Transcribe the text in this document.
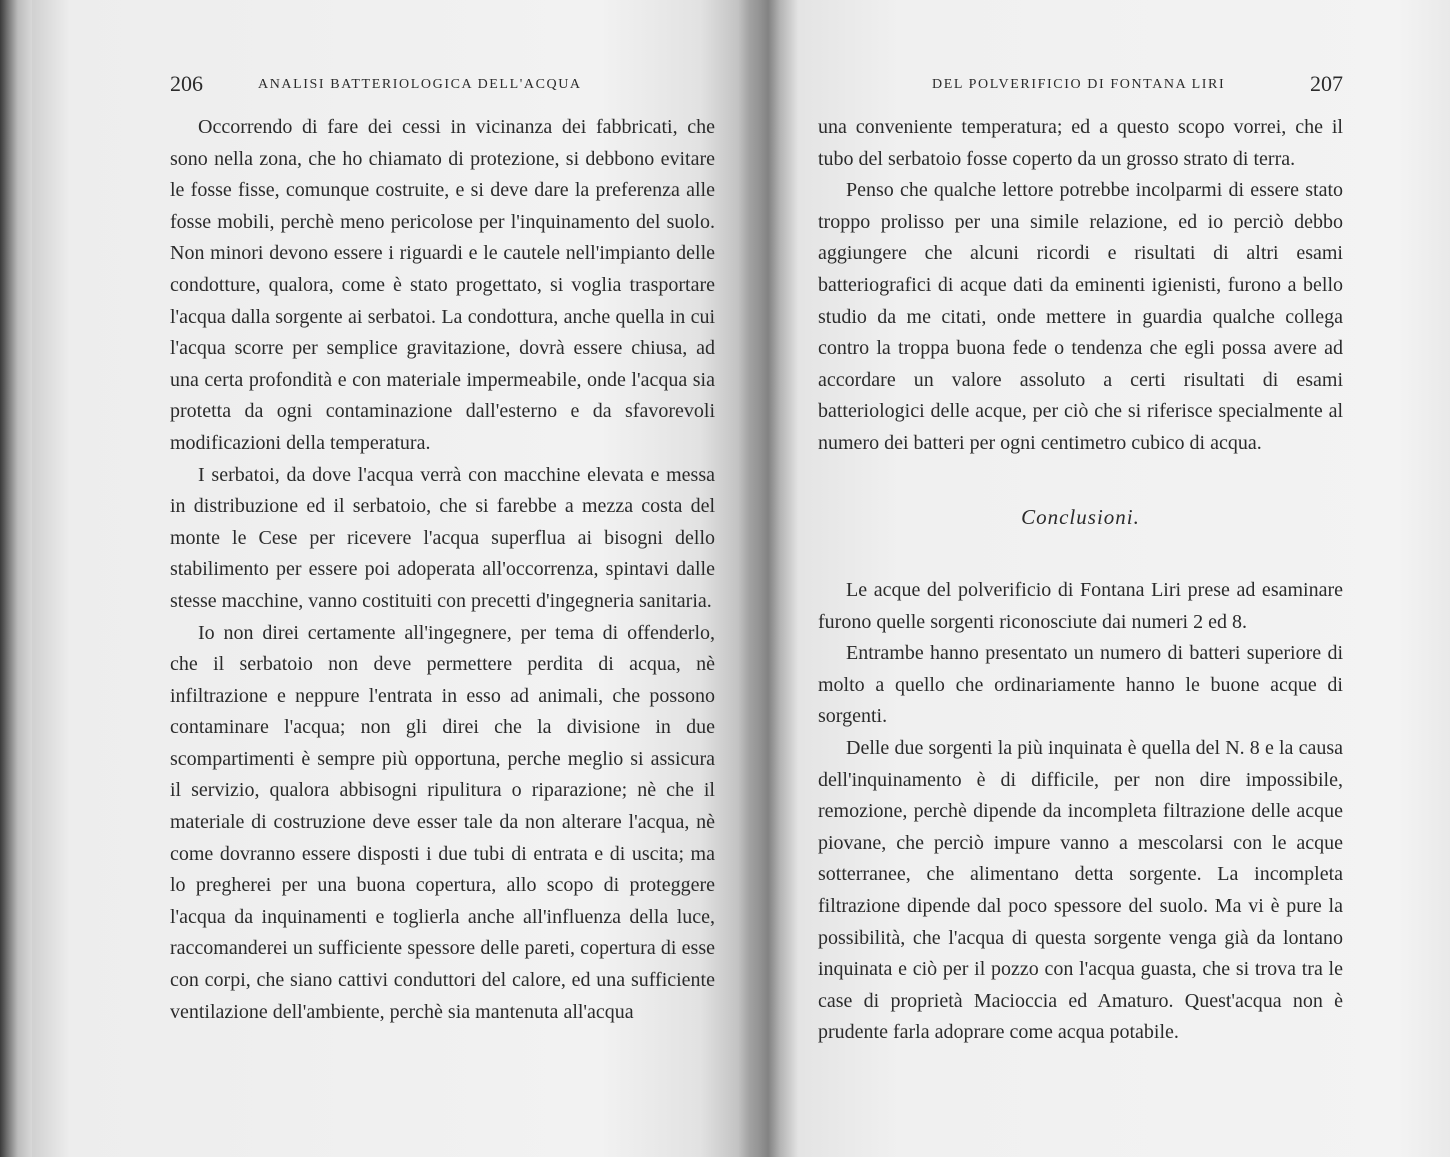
206	ANALISI BATTERIOLOGICA DELL'ACQUA

Occorrendo di fare dei cessi in vicinanza dei fabbricati, che sono nella zona, che ho chiamato di protezione, si debbono evitare le fosse fisse, comunque costruite, e si deve dare la preferenza alle fosse mobili, perchè meno pericolose per l'inquinamento del suolo. Non minori devono essere i riguardi e le cautele nell'impianto delle condotture, qualora, come è stato progettato, si voglia trasportare l'acqua dalla sorgente ai serbatoi. La condottura, anche quella in cui l'acqua scorre per semplice gravitazione, dovrà essere chiusa, ad una certa profondità e con materiale impermeabile, onde l'acqua sia protetta da ogni contaminazione dall'esterno e da sfavorevoli modificazioni della temperatura.

I serbatoi, da dove l'acqua verrà con macchine elevata e messa in distribuzione ed il serbatoio, che si farebbe a mezza costa del monte le Cese per ricevere l'acqua superflua ai bisogni dello stabilimento per essere poi adoperata all'occorrenza, spintavi dalle stesse macchine, vanno costituiti con precetti d'ingegneria sanitaria.

Io non direi certamente all'ingegnere, per tema di offenderlo, che il serbatoio non deve permettere perdita di acqua, nè infiltrazione e neppure l'entrata in esso ad animali, che possono contaminare l'acqua; non gli direi che la divisione in due scompartimenti è sempre più opportuna, perche meglio si assicura il servizio, qualora abbisogni ripulitura o riparazione; nè che il materiale di costruzione deve esser tale da non alterare l'acqua, nè come dovranno essere disposti i due tubi di entrata e di uscita; ma lo pregherei per una buona copertura, allo scopo di proteggere l'acqua da inquinamenti e toglierla anche all'influenza della luce, raccomanderei un sufficiente spessore delle pareti, copertura di esse con corpi, che siano cattivi conduttori del calore, ed una sufficiente ventilazione dell'ambiente, perchè sia mantenuta all'acqua

DEL POLVERIFICIO DI FONTANA LIRI	207

una conveniente temperatura; ed a questo scopo vorrei, che il tubo del serbatoio fosse coperto da un grosso strato di terra.

Penso che qualche lettore potrebbe incolparmi di essere stato troppo prolisso per una simile relazione, ed io perciò debbo aggiungere che alcuni ricordi e risultati di altri esami batteriografici di acque dati da eminenti igienisti, furono a bello studio da me citati, onde mettere in guardia qualche collega contro la troppa buona fede o tendenza che egli possa avere ad accordare un valore assoluto a certi risultati di esami batteriologici delle acque, per ciò che si riferisce specialmente al numero dei batteri per ogni centimetro cubico di acqua.

Conclusioni.

Le acque del polverificio di Fontana Liri prese ad esaminare furono quelle sorgenti riconosciute dai numeri 2 ed 8.

Entrambe hanno presentato un numero di batteri superiore di molto a quello che ordinariamente hanno le buone acque di sorgenti.

Delle due sorgenti la più inquinata è quella del N. 8 e la causa dell'inquinamento è di difficile, per non dire impossibile, remozione, perchè dipende da incompleta filtrazione delle acque piovane, che perciò impure vanno a mescolarsi con le acque sotterranee, che alimentano detta sorgente. La incompleta filtrazione dipende dal poco spessore del suolo. Ma vi è pure la possibilità, che l'acqua di questa sorgente venga già da lontano inquinata e ciò per il pozzo con l'acqua guasta, che si trova tra le case di proprietà Macioccia ed Amaturo. Quest'acqua non è prudente farla adoprare come acqua potabile.
